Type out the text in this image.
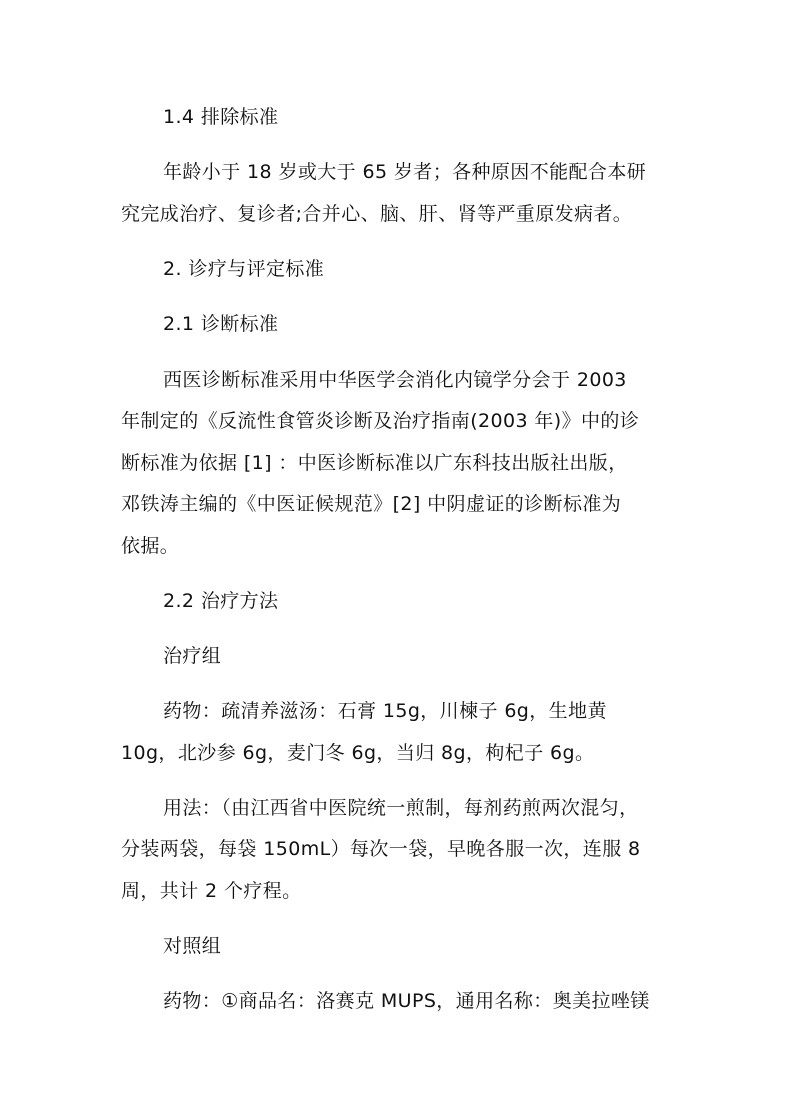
1.4 排除标准
年龄小于 18 岁或大于 65 岁者；各种原因不能配合本研
究完成治疗、复诊者;合并心、脑、肝、肾等严重原发病者。
2. 诊疗与评定标准
2.1 诊断标准
西医诊断标准采用中华医学会消化内镜学分会于 2003
年制定的《反流性食管炎诊断及治疗指南(2003 年)》中的诊
断标准为依据 [1] ：中医诊断标准以广东科技出版社出版，
邓铁涛主编的《中医证候规范》[2] 中阴虚证的诊断标准为
依据。
2.2 治疗方法
治疗组
药物：疏清养滋汤：石膏 15g，川楝子 6g，生地黄
10g，北沙参 6g，麦门冬 6g，当归 8g，枸杞子 6g。
用法：（由江西省中医院统一煎制，每剂药煎两次混匀，
分装两袋，每袋 150mL）每次一袋，早晚各服一次，连服 8
周，共计 2 个疗程。
对照组
药物：①商品名：洛赛克 MUPS，通用名称：奥美拉唑镁
